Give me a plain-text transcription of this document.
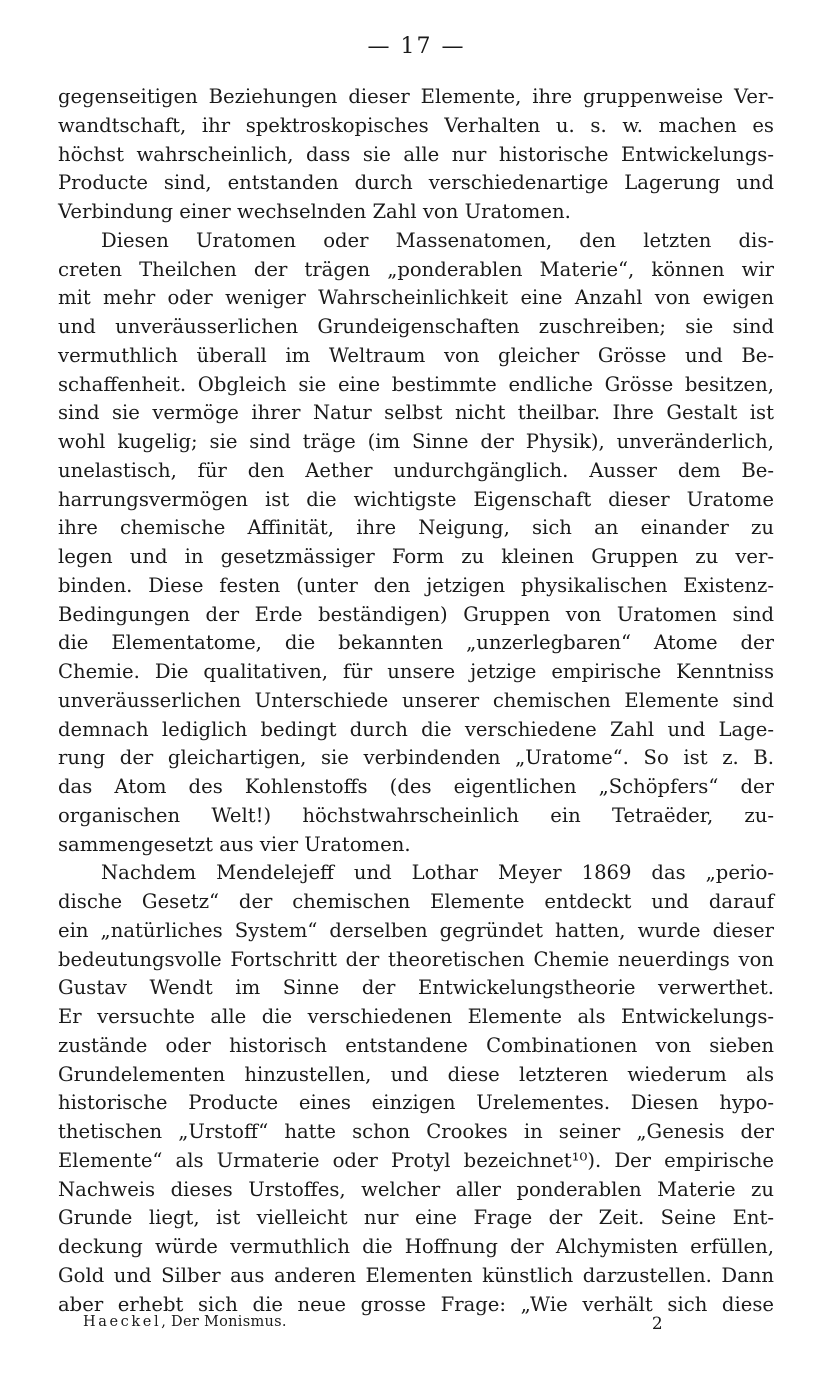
— 17 —
gegenseitigen Beziehungen dieser Elemente, ihre gruppenweise Ver-
wandtschaft, ihr spektroskopisches Verhalten u. s. w. machen es
höchst wahrscheinlich, dass sie alle nur historische Entwickelungs-
Producte sind, entstanden durch verschiedenartige Lagerung und
Verbindung einer wechselnden Zahl von Uratomen.
Diesen Uratomen oder Massenatomen, den letzten dis-
creten Theilchen der trägen „ponderablen Materie“, können wir
mit mehr oder weniger Wahrscheinlichkeit eine Anzahl von ewigen
und unveräusserlichen Grundeigenschaften zuschreiben; sie sind
vermuthlich überall im Weltraum von gleicher Grösse und Be-
schaffenheit. Obgleich sie eine bestimmte endliche Grösse besitzen,
sind sie vermöge ihrer Natur selbst nicht theilbar. Ihre Gestalt ist
wohl kugelig; sie sind träge (im Sinne der Physik), unveränderlich,
unelastisch, für den Aether undurchgänglich. Ausser dem Be-
harrungsvermögen ist die wichtigste Eigenschaft dieser Uratome
ihre chemische Affinität, ihre Neigung, sich an einander zu
legen und in gesetzmässiger Form zu kleinen Gruppen zu ver-
binden. Diese festen (unter den jetzigen physikalischen Existenz-
Bedingungen der Erde beständigen) Gruppen von Uratomen sind
die Elementatome, die bekannten „unzerlegbaren“ Atome der
Chemie. Die qualitativen, für unsere jetzige empirische Kenntniss
unveräusserlichen Unterschiede unserer chemischen Elemente sind
demnach lediglich bedingt durch die verschiedene Zahl und Lage-
rung der gleichartigen, sie verbindenden „Uratome“. So ist z. B.
das Atom des Kohlenstoffs (des eigentlichen „Schöpfers“ der
organischen Welt!) höchstwahrscheinlich ein Tetraëder, zu-
sammengesetzt aus vier Uratomen.
Nachdem Mendelejeff und Lothar Meyer 1869 das „perio-
dische Gesetz“ der chemischen Elemente entdeckt und darauf
ein „natürliches System“ derselben gegründet hatten, wurde dieser
bedeutungsvolle Fortschritt der theoretischen Chemie neuerdings von
Gustav Wendt im Sinne der Entwickelungstheorie verwerthet.
Er versuchte alle die verschiedenen Elemente als Entwickelungs-
zustände oder historisch entstandene Combinationen von sieben
Grundelementen hinzustellen, und diese letzteren wiederum als
historische Producte eines einzigen Urelementes. Diesen hypo-
thetischen „Urstoff“ hatte schon Crookes in seiner „Genesis der
Elemente“ als Urmaterie oder Protyl bezeichnet¹⁰). Der empirische
Nachweis dieses Urstoffes, welcher aller ponderablen Materie zu
Grunde liegt, ist vielleicht nur eine Frage der Zeit. Seine Ent-
deckung würde vermuthlich die Hoffnung der Alchymisten erfüllen,
Gold und Silber aus anderen Elementen künstlich darzustellen. Dann
aber erhebt sich die neue grosse Frage: „Wie verhält sich diese
Haeckel, Der Monismus.	2
